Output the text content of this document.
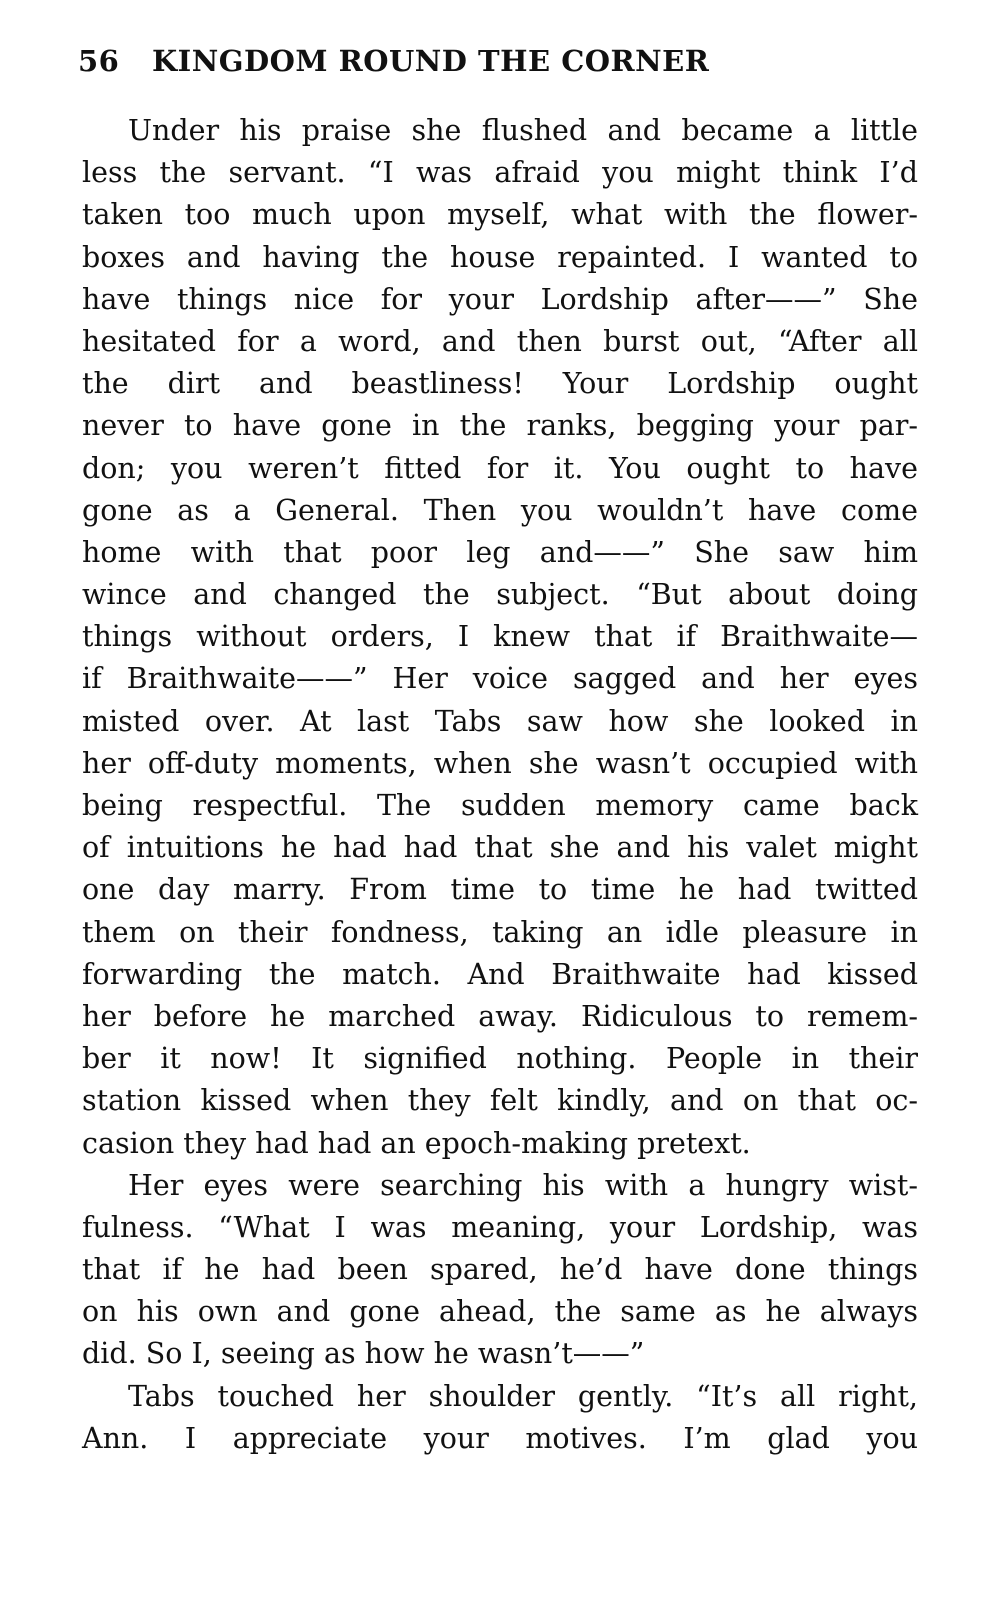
56 KINGDOM ROUND THE CORNER
Under his praise she flushed and became a little
less the servant. “I was afraid you might think I’d
taken too much upon myself, what with the flower-
boxes and having the house repainted. I wanted to
have things nice for your Lordship after——” She
hesitated for a word, and then burst out, “After all
the dirt and beastliness! Your Lordship ought
never to have gone in the ranks, begging your par-
don; you weren’t fitted for it. You ought to have
gone as a General. Then you wouldn’t have come
home with that poor leg and——” She saw him
wince and changed the subject. “But about doing
things without orders, I knew that if Braithwaite—
if Braithwaite——” Her voice sagged and her eyes
misted over. At last Tabs saw how she looked in
her off-duty moments, when she wasn’t occupied with
being respectful. The sudden memory came back
of intuitions he had had that she and his valet might
one day marry. From time to time he had twitted
them on their fondness, taking an idle pleasure in
forwarding the match. And Braithwaite had kissed
her before he marched away. Ridiculous to remem-
ber it now! It signified nothing. People in their
station kissed when they felt kindly, and on that oc-
casion they had had an epoch-making pretext.
Her eyes were searching his with a hungry wist-
fulness. “What I was meaning, your Lordship, was
that if he had been spared, he’d have done things
on his own and gone ahead, the same as he always
did. So I, seeing as how he wasn’t——”
Tabs touched her shoulder gently. “It’s all right,
Ann. I appreciate your motives. I’m glad you
